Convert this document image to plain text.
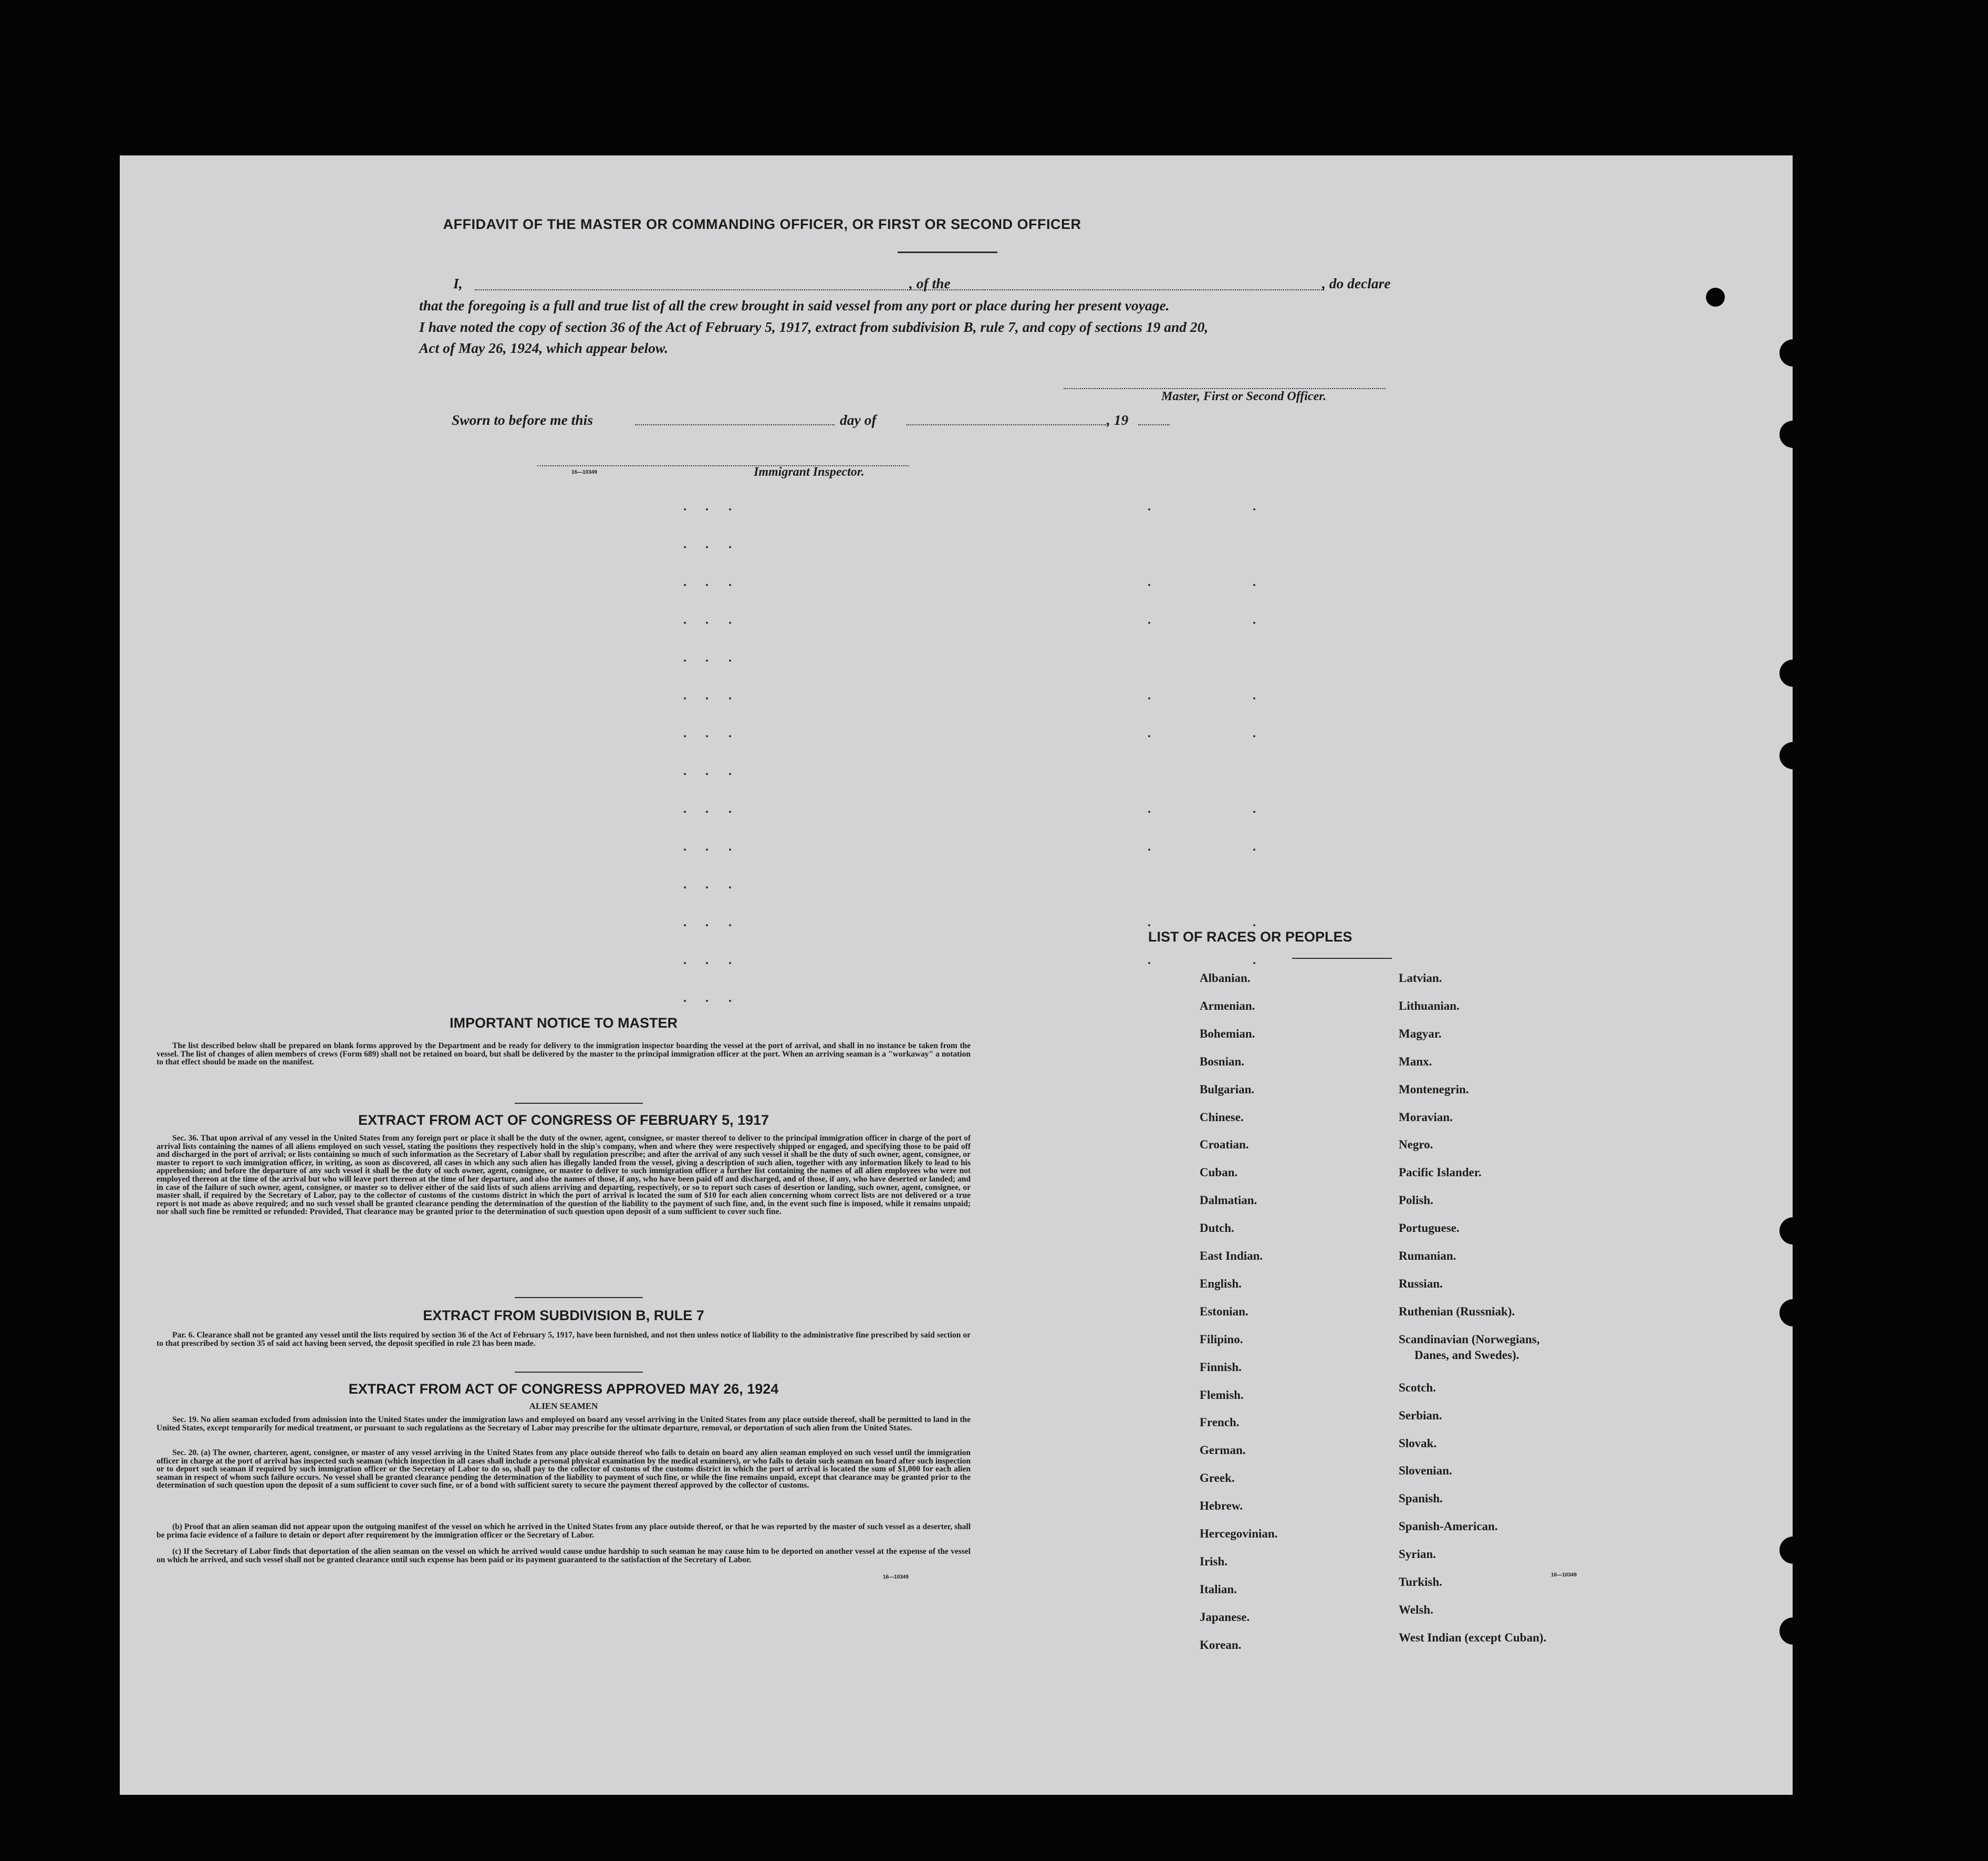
AFFIDAVIT OF THE MASTER OR COMMANDING OFFICER, OR FIRST OR SECOND OFFICER
I,	, of the	, do declare
that the foregoing is a full and true list of all the crew brought in said vessel from any port or place during her present voyage.
I have noted the copy of section 36 of the Act of February 5, 1917, extract from subdivision B, rule 7, and copy of sections 19 and 20,
Act of May 26, 1924, which appear below.
Master, First or Second Officer.
Sworn to before me this	day of	, 19
16—10349	Immigrant Inspector.
IMPORTANT NOTICE TO MASTER
The list described below shall be prepared on blank forms approved by the Department and be ready for delivery to the immigration inspector boarding the vessel at the port of arrival, and shall in no instance be taken from the vessel. The list of changes of alien members of crews (Form 689) shall not be retained on board, but shall be delivered by the master to the principal immigration officer at the port. When an arriving seaman is a "workaway" a notation to that effect should be made on the manifest.
EXTRACT FROM ACT OF CONGRESS OF FEBRUARY 5, 1917
Sec. 36. That upon arrival of any vessel in the United States from any foreign port or place it shall be the duty of the owner, agent, consignee, or master thereof to deliver to the principal immigration officer in charge of the port of arrival lists containing the names of all aliens employed on such vessel, stating the positions they respectively hold in the ship's company, when and where they were respectively shipped or engaged, and specifying those to be paid off and discharged in the port of arrival; or lists containing so much of such information as the Secretary of Labor shall by regulation prescribe; and after the arrival of any such vessel it shall be the duty of such owner, agent, consignee, or master to report to such immigration officer, in writing, as soon as discovered, all cases in which any such alien has illegally landed from the vessel, giving a description of such alien, together with any information likely to lead to his apprehension; and before the departure of any such vessel it shall be the duty of such owner, agent, consignee, or master to deliver to such immigration officer a further list containing the names of all alien employees who were not employed thereon at the time of the arrival but who will leave port thereon at the time of her departure, and also the names of those, if any, who have been paid off and discharged, and of those, if any, who have deserted or landed; and in case of the failure of such owner, agent, consignee, or master so to deliver either of the said lists of such aliens arriving and departing, respectively, or so to report such cases of desertion or landing, such owner, agent, consignee, or master shall, if required by the Secretary of Labor, pay to the collector of customs of the customs district in which the port of arrival is located the sum of $10 for each alien concerning whom correct lists are not delivered or a true report is not made as above required; and no such vessel shall be granted clearance pending the determination of the question of the liability to the payment of such fine, and, in the event such fine is imposed, while it remains unpaid; nor shall such fine be remitted or refunded: Provided, That clearance may be granted prior to the determination of such question upon deposit of a sum sufficient to cover such fine.
EXTRACT FROM SUBDIVISION B, RULE 7
Par. 6. Clearance shall not be granted any vessel until the lists required by section 36 of the Act of February 5, 1917, have been furnished, and not then unless notice of liability to the administrative fine prescribed by said section or to that prescribed by section 35 of said act having been served, the deposit specified in rule 23 has been made.
EXTRACT FROM ACT OF CONGRESS APPROVED MAY 26, 1924
ALIEN SEAMEN
Sec. 19. No alien seaman excluded from admission into the United States under the immigration laws and employed on board any vessel arriving in the United States from any place outside thereof, shall be permitted to land in the United States, except temporarily for medical treatment, or pursuant to such regulations as the Secretary of Labor may prescribe for the ultimate departure, removal, or deportation of such alien from the United States.
Sec. 20. (a) The owner, charterer, agent, consignee, or master of any vessel arriving in the United States from any place outside thereof who fails to detain on board any alien seaman employed on such vessel until the immigration officer in charge at the port of arrival has inspected such seaman (which inspection in all cases shall include a personal physical examination by the medical examiners), or who fails to detain such seaman on board after such inspection or to deport such seaman if required by such immigration officer or the Secretary of Labor to do so, shall pay to the collector of customs of the customs district in which the port of arrival is located the sum of $1,000 for each alien seaman in respect of whom such failure occurs. No vessel shall be granted clearance pending the determination of the liability to payment of such fine, or while the fine remains unpaid, except that clearance may be granted prior to the determination of such question upon the deposit of a sum sufficient to cover such fine, or of a bond with sufficient surety to secure the payment thereof approved by the collector of customs.
(b) Proof that an alien seaman did not appear upon the outgoing manifest of the vessel on which he arrived in the United States from any place outside thereof, or that he was reported by the master of such vessel as a deserter, shall be prima facie evidence of a failure to detain or deport after requirement by the immigration officer or the Secretary of Labor.
(c) If the Secretary of Labor finds that deportation of the alien seaman on the vessel on which he arrived would cause undue hardship to such seaman he may cause him to be deported on another vessel at the expense of the vessel on which he arrived, and such vessel shall not be granted clearance until such expense has been paid or its payment guaranteed to the satisfaction of the Secretary of Labor.
16—10349
LIST OF RACES OR PEOPLES
16—10349
Albanian.
Armenian.
Bohemian.
Bosnian.
Bulgarian.
Chinese.
Croatian.
Cuban.
Dalmatian.
Dutch.
East Indian.
English.
Estonian.
Filipino.
Finnish.
Flemish.
French.
German.
Greek.
Hebrew.
Hercegovinian.
Irish.
Italian.
Japanese.
Korean.
Latvian.
Lithuanian.
Magyar.
Manx.
Montenegrin.
Moravian.
Negro.
Pacific Islander.
Polish.
Portuguese.
Rumanian.
Russian.
Ruthenian (Russniak).
Scandinavian (Norwegians,
Danes, and Swedes).
Scotch.
Serbian.
Slovak.
Slovenian.
Spanish.
Spanish-American.
Syrian.
Turkish.
Welsh.
West Indian (except Cuban).
